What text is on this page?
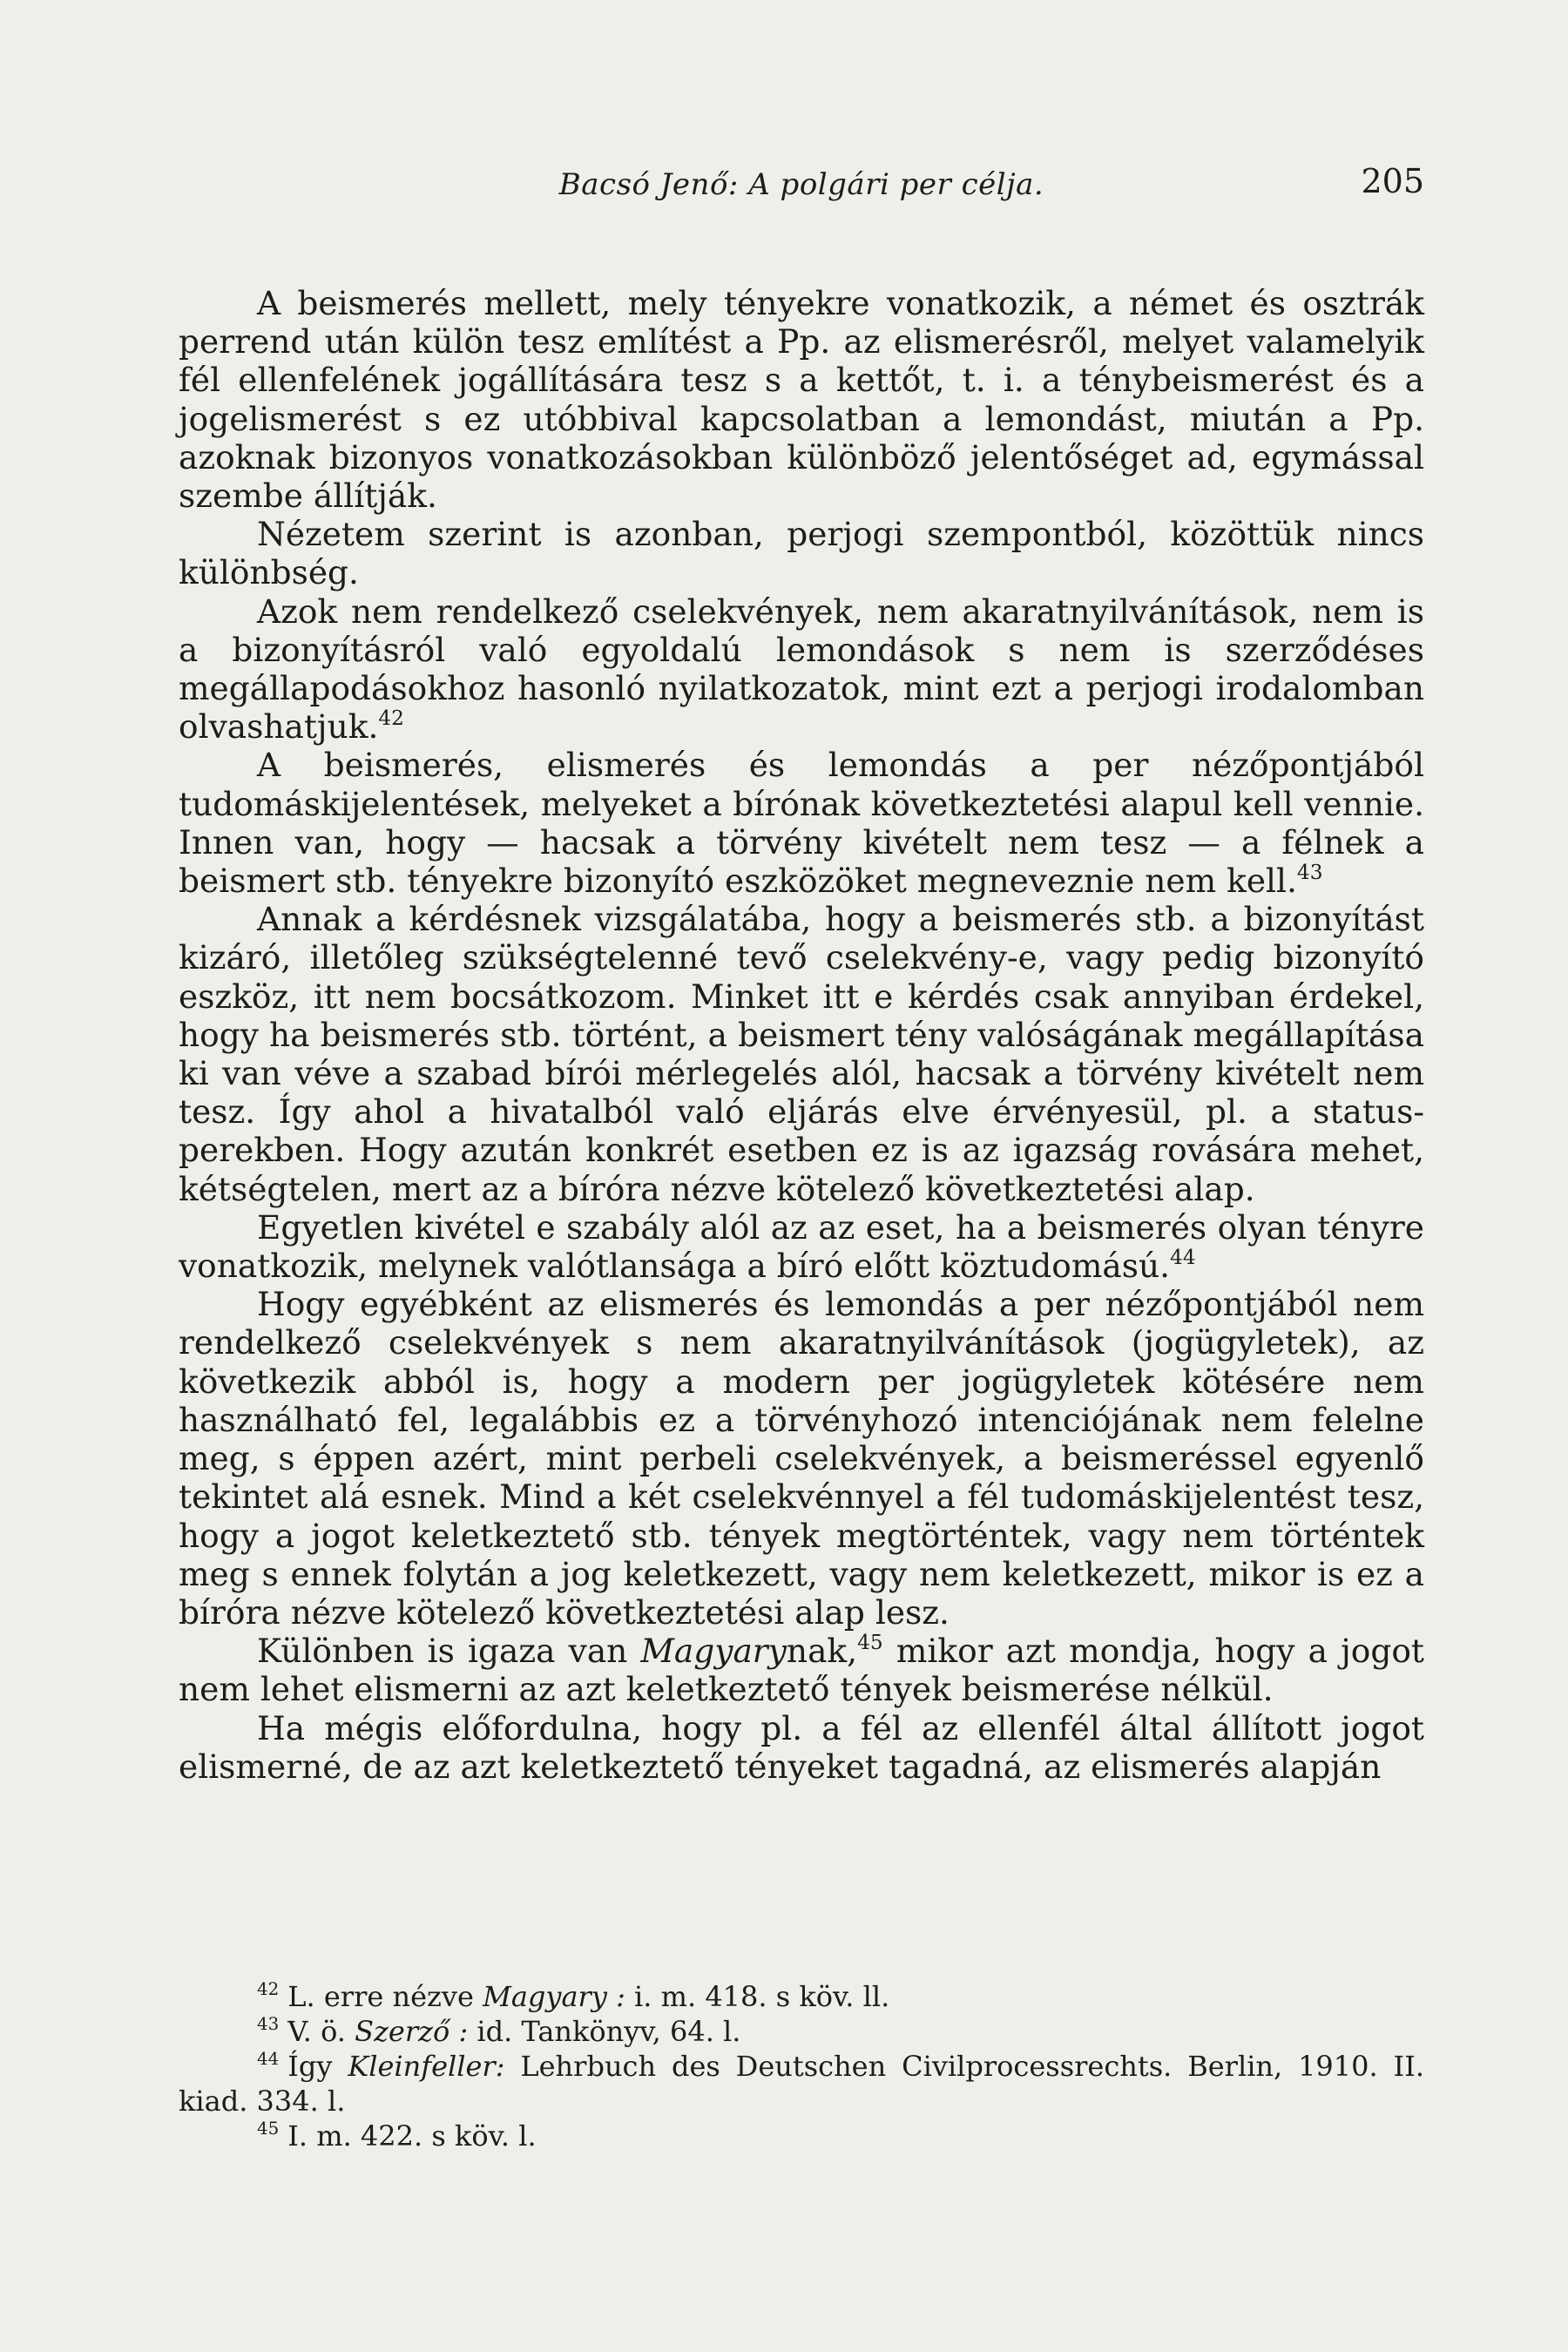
Bacsó Jenő: A polgári per célja.	205

A beismerés mellett, mely tényekre vonatkozik, a német és osztrák perrend után külön tesz említést a Pp. az elismerésről, melyet valamelyik fél ellenfelének jogállítására tesz s a kettőt, t. i. a ténybeismerést és a jogelismerést s ez utóbbival kapcsolatban a lemondást, miután a Pp. azoknak bizonyos vonatkozásokban különböző jelentőséget ad, egymással szembe állítják.

Nézetem szerint is azonban, perjogi szempontból, közöttük nincs különbség.

Azok nem rendelkező cselekvények, nem akaratnyilvánítások, nem is a bizonyításról való egyoldalú lemondások s nem is szerződéses megállapodásokhoz hasonló nyilatkozatok, mint ezt a perjogi irodalomban olvashatjuk.$^{42}$

A beismerés, elismerés és lemondás a per nézőpontjából tudomáskijelentések, melyeket a bírónak következtetési alapul kell vennie. Innen van, hogy — hacsak a törvény kivételt nem tesz — a félnek a beismert stb. tényekre bizonyító eszközöket megneveznie nem kell.$^{43}$

Annak a kérdésnek vizsgálatába, hogy a beismerés stb. a bizonyítást kizáró, illetőleg szükségtelenné tevő cselekvény-e, vagy pedig bizonyító eszköz, itt nem bocsátkozom. Minket itt e kérdés csak annyiban érdekel, hogy ha beismerés stb. történt, a beismert tény valóságának megállapítása ki van véve a szabad bírói mérlegelés alól, hacsak a törvény kivételt nem tesz. Így ahol a hivatalból való eljárás elve érvényesül, pl. a status-perekben. Hogy azután konkrét esetben ez is az igazság rovására mehet, kétségtelen, mert az a bíróra nézve kötelező következtetési alap.

Egyetlen kivétel e szabály alól az az eset, ha a beismerés olyan tényre vonatkozik, melynek valótlansága a bíró előtt köztudomású.$^{44}$

Hogy egyébként az elismerés és lemondás a per nézőpontjából nem rendelkező cselekvények s nem akaratnyilvánítások (jogügyletek), az következik abból is, hogy a modern per jogügyletek kötésére nem használható fel, legalábbis ez a törvényhozó intenciójának nem felelne meg, s éppen azért, mint perbeli cselekvények, a beismeréssel egyenlő tekintet alá esnek. Mind a két cselekvénnyel a fél tudomáskijelentést tesz, hogy a jogot keletkeztető stb. tények megtörténtek, vagy nem történtek meg s ennek folytán a jog keletkezett, vagy nem keletkezett, mikor is ez a bíróra nézve kötelező következtetési alap lesz.

Különben is igaza van Magyarynak,$^{45}$ mikor azt mondja, hogy a jogot nem lehet elismerni az azt keletkeztető tények beismerése nélkül.

Ha mégis előfordulna, hogy pl. a fél az ellenfél által állított jogot elismerné, de az azt keletkeztető tényeket tagadná, az elismerés alapján

$^{42}$ L. erre nézve Magyary : i. m. 418. s köv. ll.

$^{43}$ V. ö. Szerző : id. Tankönyv, 64. l.

$^{44}$ Így Kleinfeller: Lehrbuch des Deutschen Civilprocessrechts. Berlin, 1910. II. kiad. 334. l.

$^{45}$ I. m. 422. s köv. l.
